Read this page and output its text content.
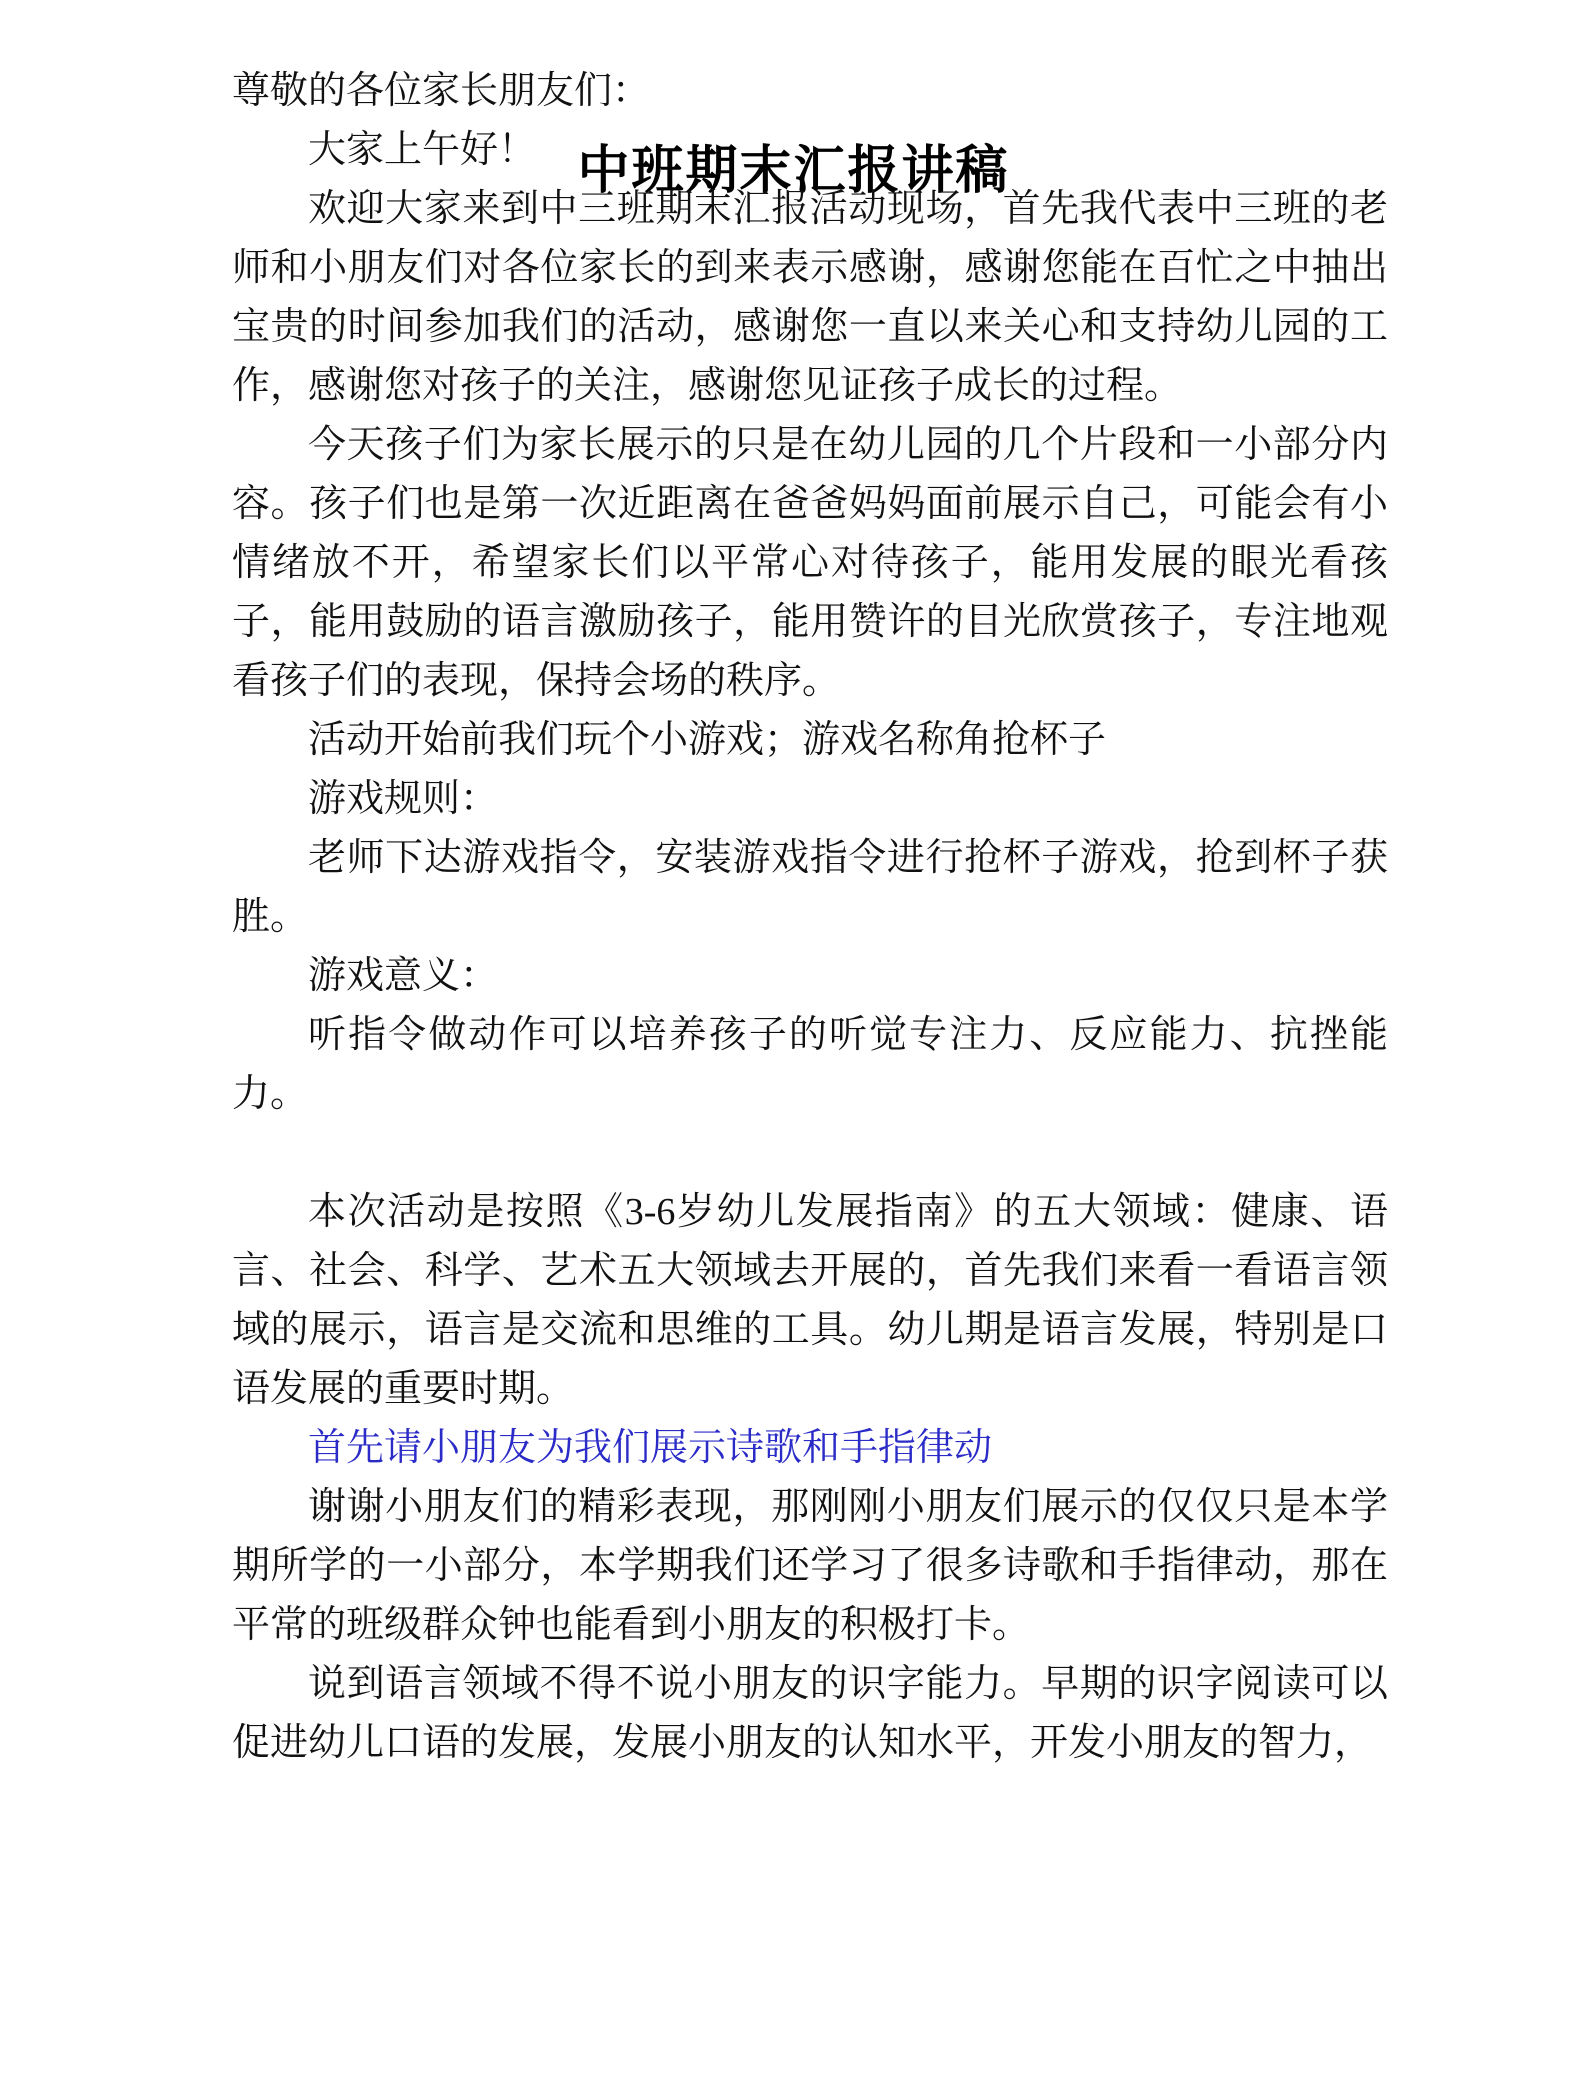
中班期末汇报讲稿

尊敬的各位家长朋友们：

大家上午好！

欢迎大家来到中三班期末汇报活动现场，首先我代表中三班的老师和小朋友们对各位家长的到来表示感谢，感谢您能在百忙之中抽出宝贵的时间参加我们的活动，感谢您一直以来关心和支持幼儿园的工作，感谢您对孩子的关注，感谢您见证孩子成长的过程。

今天孩子们为家长展示的只是在幼儿园的几个片段和一小部分内容。孩子们也是第一次近距离在爸爸妈妈面前展示自己，可能会有小情绪放不开，希望家长们以平常心对待孩子，能用发展的眼光看孩子，能用鼓励的语言激励孩子，能用赞许的目光欣赏孩子，专注地观看孩子们的表现，保持会场的秩序。

活动开始前我们玩个小游戏；游戏名称角抢杯子

游戏规则：

老师下达游戏指令，安装游戏指令进行抢杯子游戏，抢到杯子获胜。

游戏意义：

听指令做动作可以培养孩子的听觉专注力、反应能力、抗挫能力。

本次活动是按照《3-6岁幼儿发展指南》的五大领域：健康、语言、社会、科学、艺术五大领域去开展的，首先我们来看一看语言领域的展示，语言是交流和思维的工具。幼儿期是语言发展，特别是口语发展的重要时期。

首先请小朋友为我们展示诗歌和手指律动

谢谢小朋友们的精彩表现，那刚刚小朋友们展示的仅仅只是本学期所学的一小部分，本学期我们还学习了很多诗歌和手指律动，那在平常的班级群众钟也能看到小朋友的积极打卡。

说到语言领域不得不说小朋友的识字能力。早期的识字阅读可以促进幼儿口语的发展，发展小朋友的认知水平，开发小朋友的智力，
